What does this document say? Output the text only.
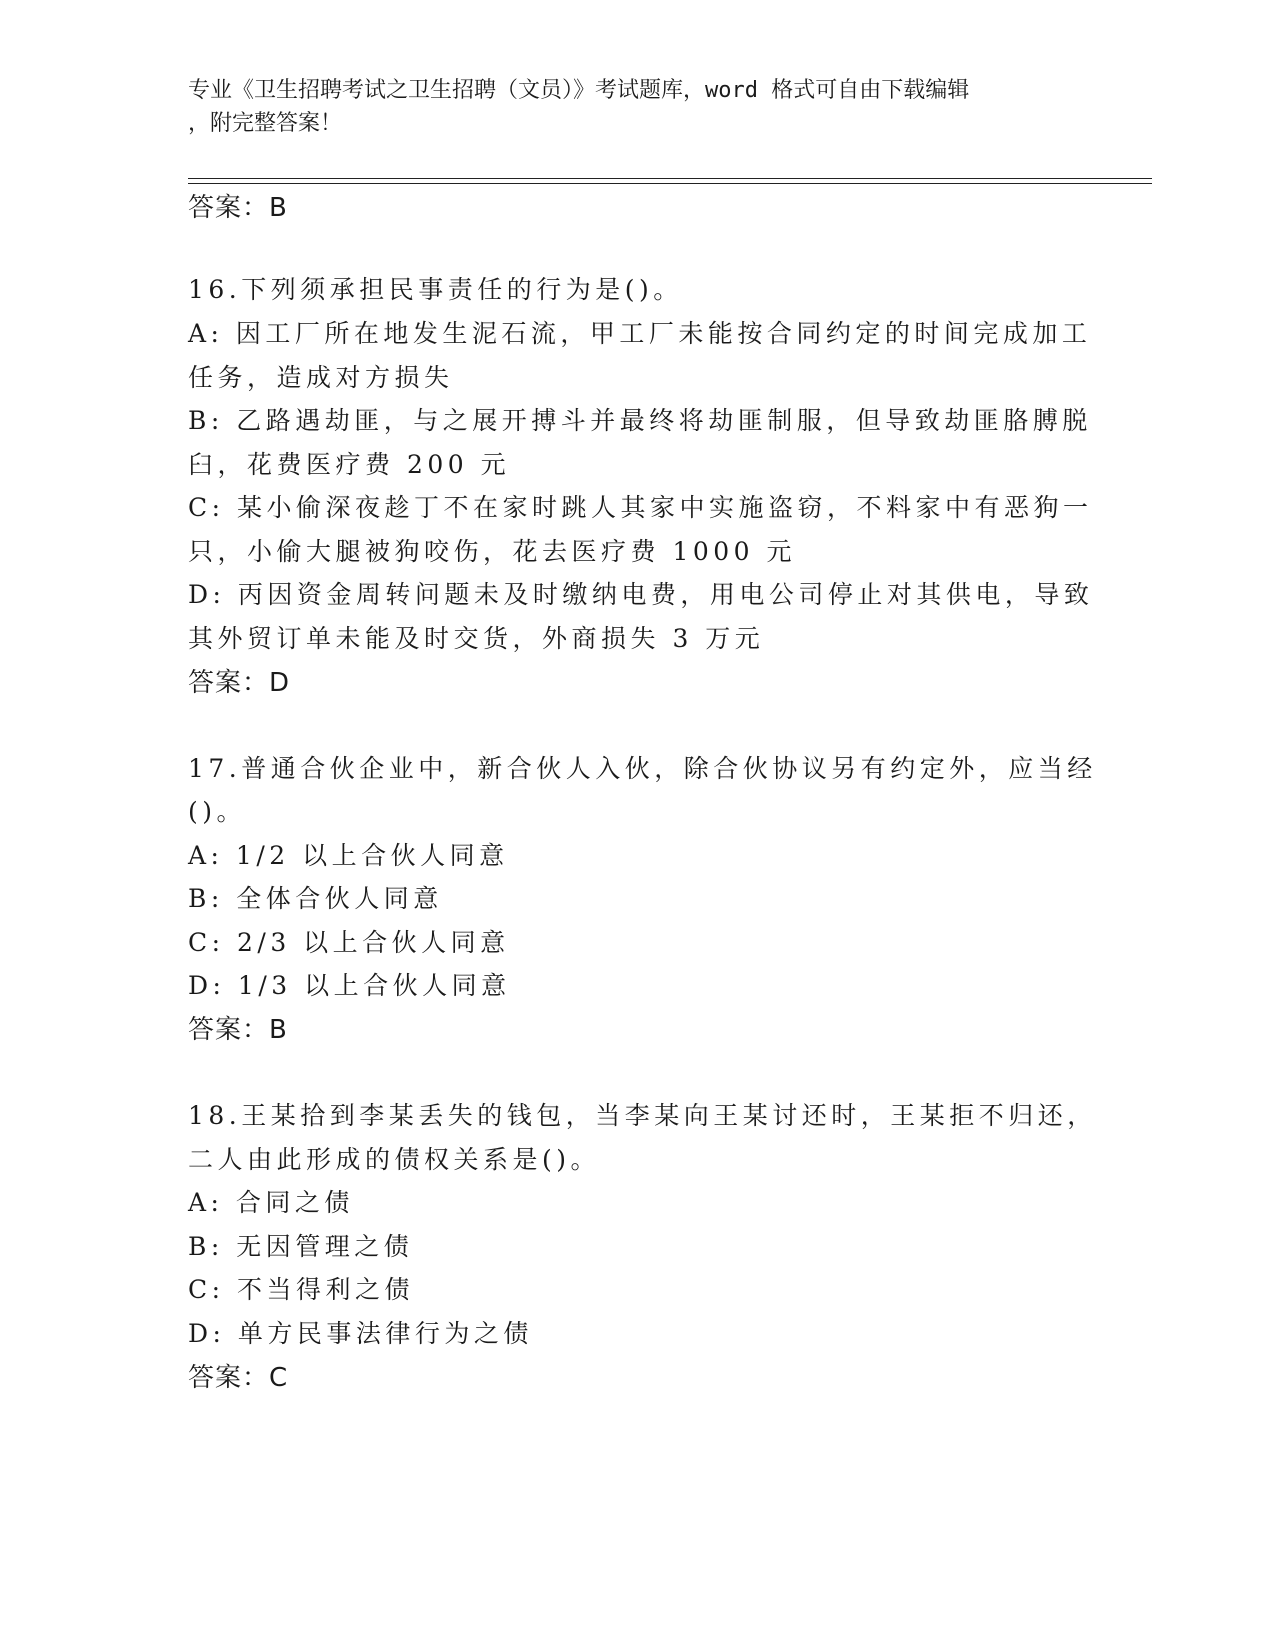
专业《卫生招聘考试之卫生招聘（文员）》考试题库，word 格式可自由下载编辑
，附完整答案！
答案：B
16.下列须承担民事责任的行为是()。
A: 因工厂所在地发生泥石流，甲工厂未能按合同约定的时间完成加工
任务，造成对方损失
B: 乙路遇劫匪，与之展开搏斗并最终将劫匪制服，但导致劫匪胳膊脱
臼，花费医疗费 200 元
C: 某小偷深夜趁丁不在家时跳人其家中实施盗窃，不料家中有恶狗一
只，小偷大腿被狗咬伤，花去医疗费 1000 元
D: 丙因资金周转问题未及时缴纳电费，用电公司停止对其供电，导致
其外贸订单未能及时交货，外商损失 3 万元
答案：D
17.普通合伙企业中，新合伙人入伙，除合伙协议另有约定外，应当经
()。
A: 1/2 以上合伙人同意
B: 全体合伙人同意
C: 2/3 以上合伙人同意
D: 1/3 以上合伙人同意
答案：B
18.王某拾到李某丢失的钱包，当李某向王某讨还时，王某拒不归还，
二人由此形成的债权关系是()。
A: 合同之债
B: 无因管理之债
C: 不当得利之债
D: 单方民事法律行为之债
答案：C
